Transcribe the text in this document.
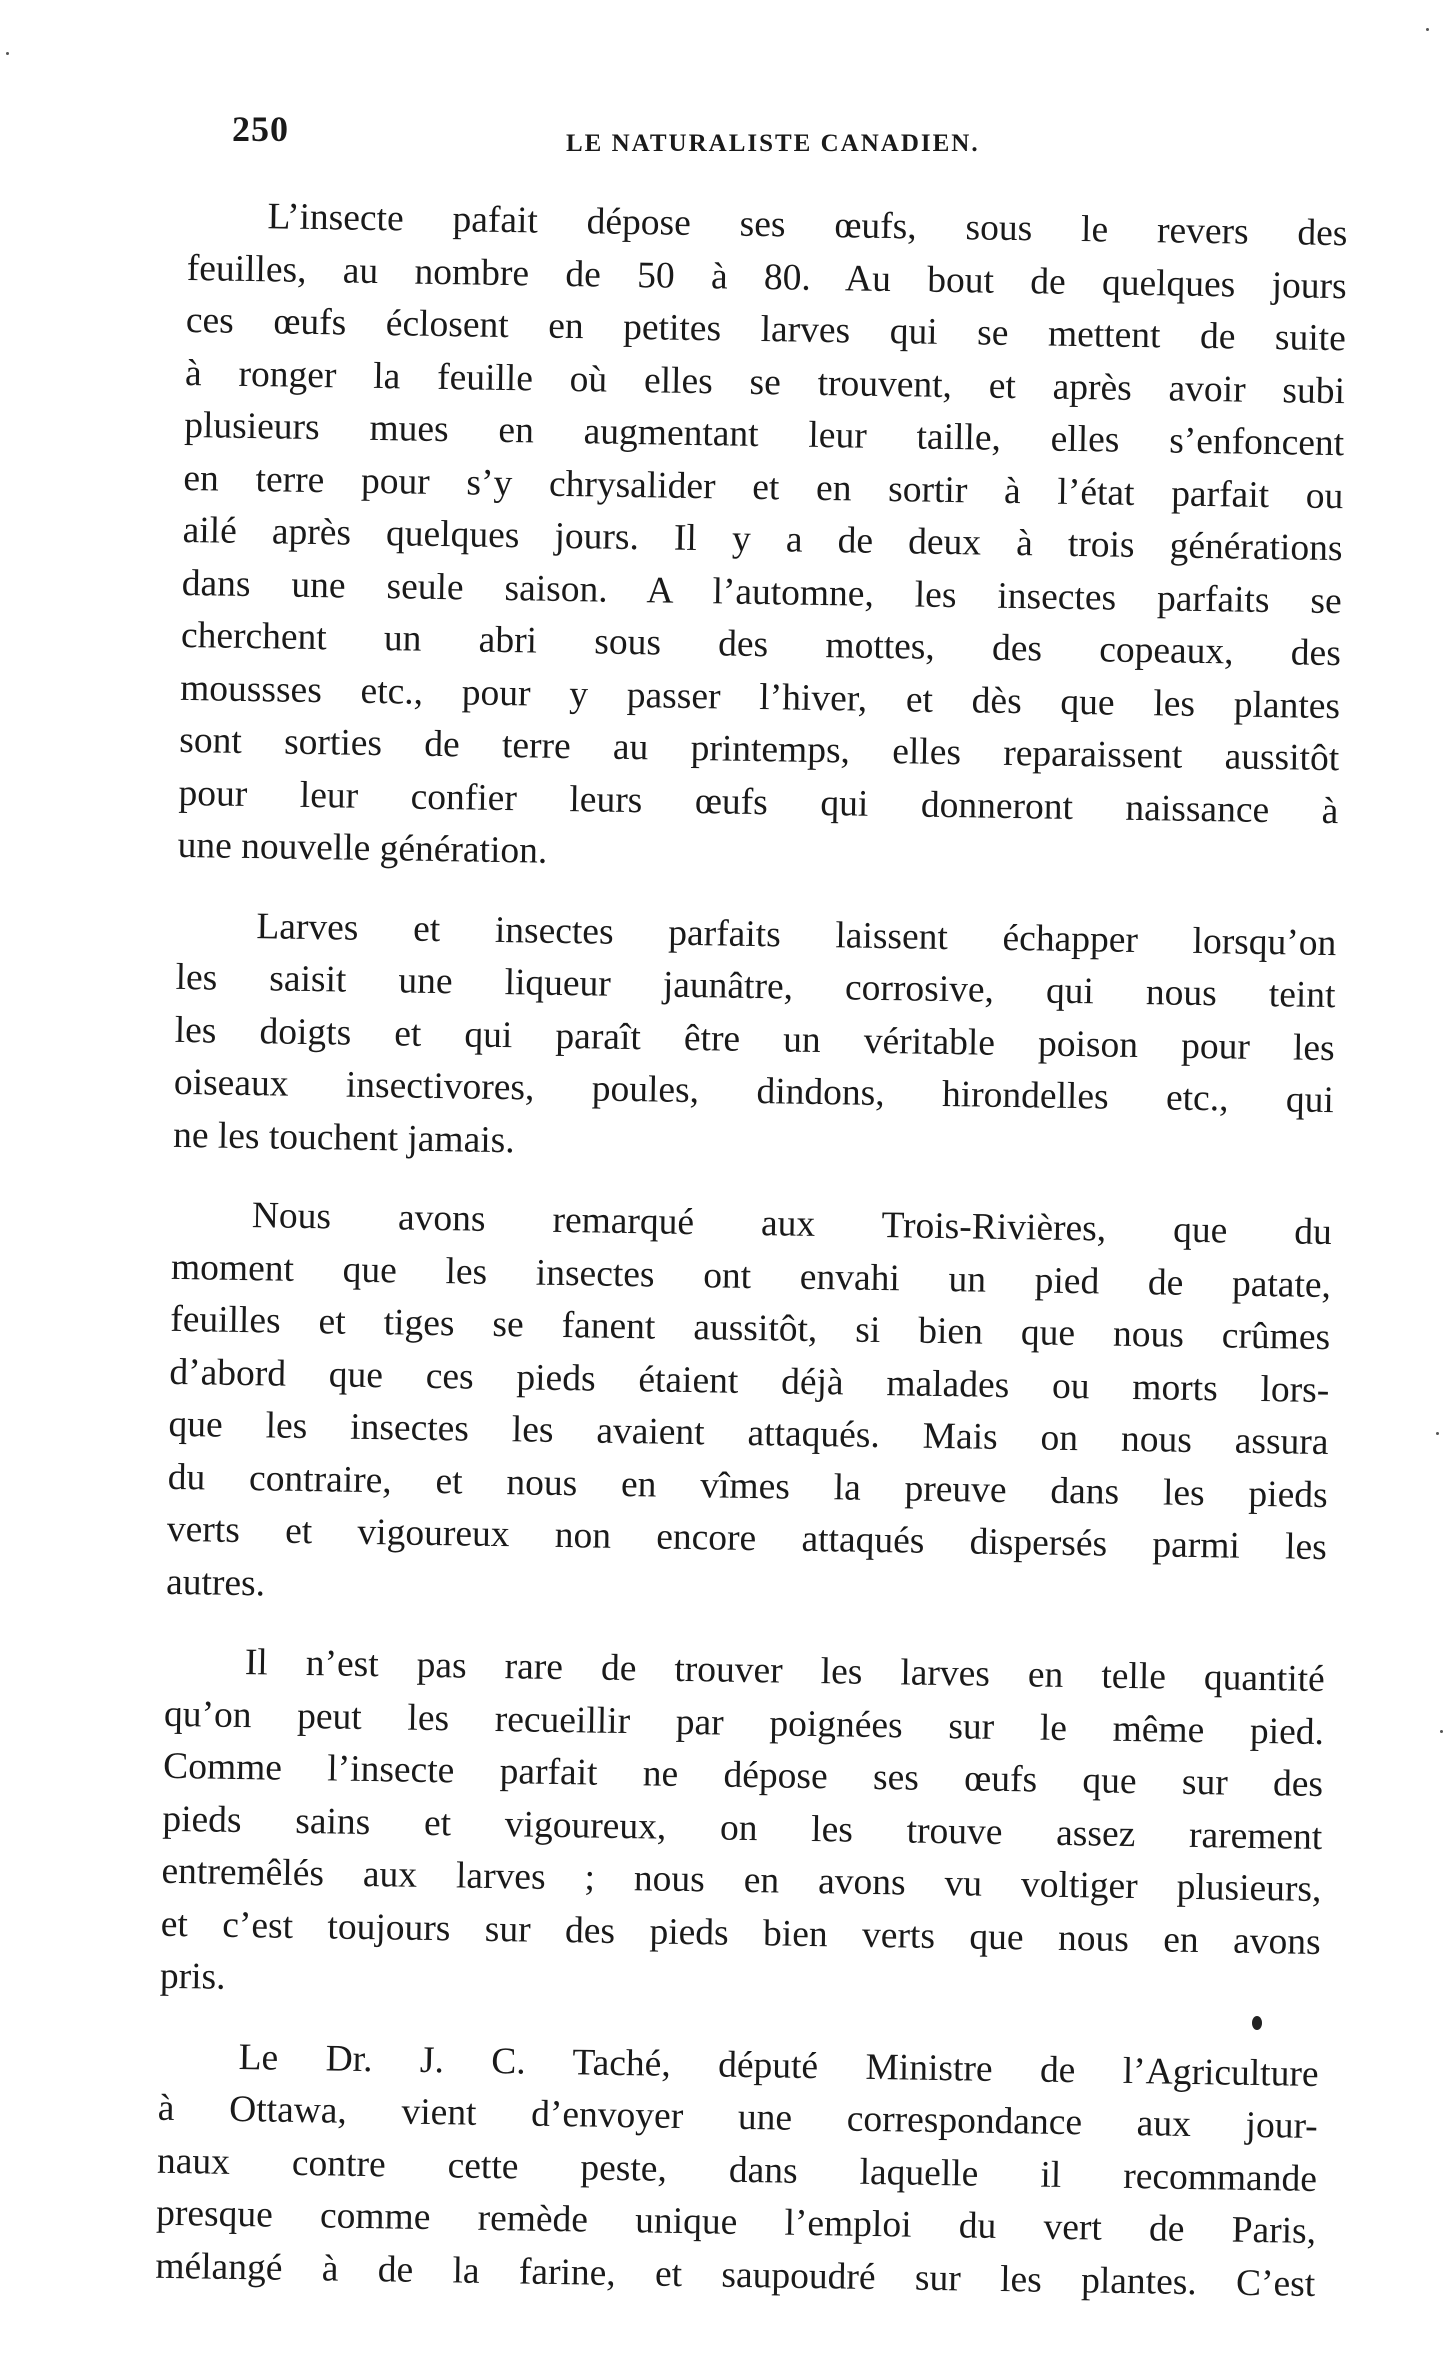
250	LE NATURALISTE CANADIEN.

L’insecte pafait dépose ses œufs, sous le revers des
feuilles, au nombre de 50 à 80. Au bout de quelques jours
ces œufs éclosent en petites larves qui se mettent de suite
à ronger la feuille où elles se trouvent, et après avoir subi
plusieurs mues en augmentant leur taille, elles s’enfoncent
en terre pour s’y chrysalider et en sortir à l’état parfait ou
ailé après quelques jours. Il y a de deux à trois générations
dans une seule saison. A l’automne, les insectes parfaits se
cherchent un abri sous des mottes, des copeaux, des
moussses etc., pour y passer l’hiver, et dès que les plantes
sont sorties de terre au printemps, elles reparaissent aussitôt
pour leur confier leurs œufs qui donneront naissance à
une nouvelle génération.

Larves et insectes parfaits laissent échapper lorsqu’on
les saisit une liqueur jaunâtre, corrosive, qui nous teint
les doigts et qui paraît être un véritable poison pour les
oiseaux insectivores, poules, dindons, hirondelles etc., qui
ne les touchent jamais.

Nous avons remarqué aux Trois-Rivières, que du
moment que les insectes ont envahi un pied de patate,
feuilles et tiges se fanent aussitôt, si bien que nous crûmes
d’abord que ces pieds étaient déjà malades ou morts lors-
que les insectes les avaient attaqués. Mais on nous assura
du contraire, et nous en vîmes la preuve dans les pieds
verts et vigoureux non encore attaqués dispersés parmi les
autres.

Il n’est pas rare de trouver les larves en telle quantité
qu’on peut les recueillir par poignées sur le même pied.
Comme l’insecte parfait ne dépose ses œufs que sur des
pieds sains et vigoureux, on les trouve assez rarement
entremêlés aux larves ; nous en avons vu voltiger plusieurs,
et c’est toujours sur des pieds bien verts que nous en avons
pris.

Le Dr. J. C. Taché, député Ministre de l’Agriculture
à Ottawa, vient d’envoyer une correspondance aux jour-
naux contre cette peste, dans laquelle il recommande
presque comme remède unique l’emploi du vert de Paris,
mélangé à de la farine, et saupoudré sur les plantes. C’est
